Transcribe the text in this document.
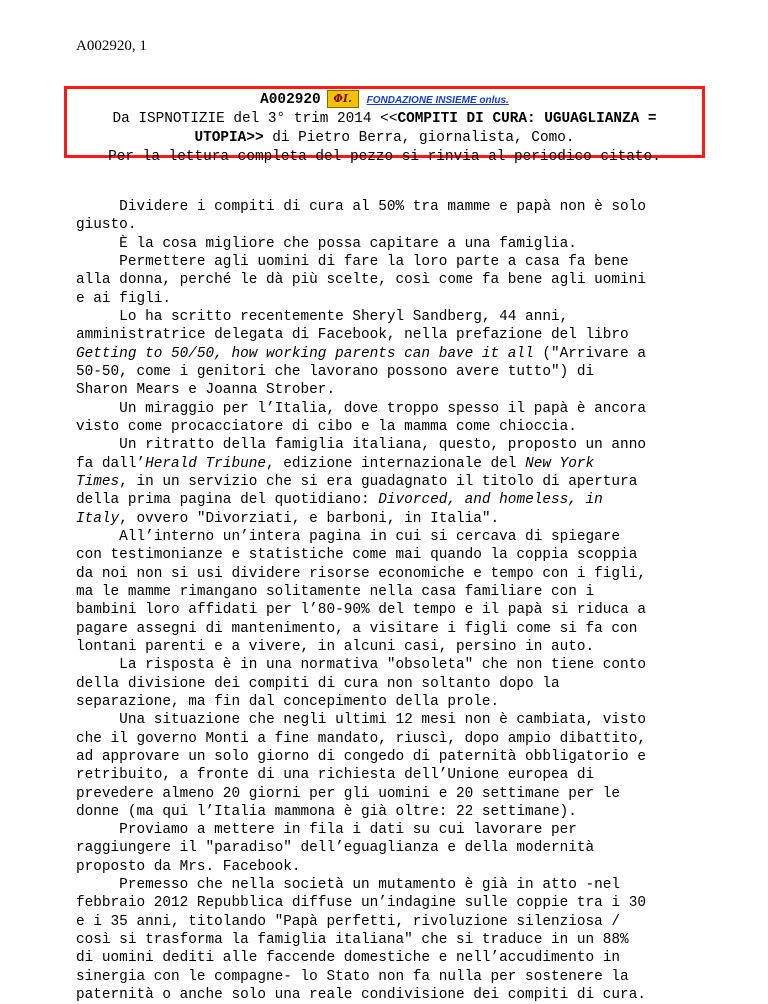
A002920, 1
A002920 ΦI. FONDAZIONE INSIEME onlus.
Da ISPNOTIZIE del 3° trim 2014 <<COMPITI DI CURA: UGUAGLIANZA =
UTOPIA>> di Pietro Berra, giornalista, Como.
Per la lettura completa del pezzo si rinvia al periodico citato.
Dividere i compiti di cura al 50% tra mamme e papà non è solo
giusto.
È la cosa migliore che possa capitare a una famiglia.
Permettere agli uomini di fare la loro parte a casa fa bene
alla donna, perché le dà più scelte, così come fa bene agli uomini
e ai figli.
Lo ha scritto recentemente Sheryl Sandberg, 44 anni,
amministratrice delegata di Facebook, nella prefazione del libro
Getting to 50/50, how working parents can bave it all ("Arrivare a
50-50, come i genitori che lavorano possono avere tutto") di
Sharon Mears e Joanna Strober.
Un miraggio per l’Italia, dove troppo spesso il papà è ancora
visto come procacciatore di cibo e la mamma come chioccia.
Un ritratto della famiglia italiana, questo, proposto un anno
fa dall’Herald Tribune, edizione internazionale del New York
Times, in un servizio che si era guadagnato il titolo di apertura
della prima pagina del quotidiano: Divorced, and homeless, in
Italy, ovvero "Divorziati, e barboni, in Italia".
All’interno un’intera pagina in cui si cercava di spiegare
con testimonianze e statistiche come mai quando la coppia scoppia
da noi non si usi dividere risorse economiche e tempo con i figli,
ma le mamme rimangano solitamente nella casa familiare con i
bambini loro affidati per l’80-90% del tempo e il papà si riduca a
pagare assegni di mantenimento, a visitare i figli come si fa con
lontani parenti e a vivere, in alcuni casi, persino in auto.
La risposta è in una normativa "obsoleta" che non tiene conto
della divisione dei compiti di cura non soltanto dopo la
separazione, ma fin dal concepimento della prole.
Una situazione che negli ultimi 12 mesi non è cambiata, visto
che il governo Monti a fine mandato, riuscì, dopo ampio dibattito,
ad approvare un solo giorno di congedo di paternità obbligatorio e
retribuito, a fronte di una richiesta dell’Unione europea di
prevedere almeno 20 giorni per gli uomini e 20 settimane per le
donne (ma qui l’Italia mammona è già oltre: 22 settimane).
Proviamo a mettere in fila i dati su cui lavorare per
raggiungere il "paradiso" dell’eguaglianza e della modernità
proposto da Mrs. Facebook.
Premesso che nella società un mutamento è già in atto -nel
febbraio 2012 Repubblica diffuse un’indagine sulle coppie tra i 30
e i 35 anni, titolando "Papà perfetti, rivoluzione silenziosa /
così si trasforma la famiglia italiana" che si traduce in un 88%
di uomini dediti alle faccende domestiche e nell’accudimento in
sinergia con le compagne- lo Stato non fa nulla per sostenere la
paternità o anche solo una reale condivisione dei compiti di cura.
